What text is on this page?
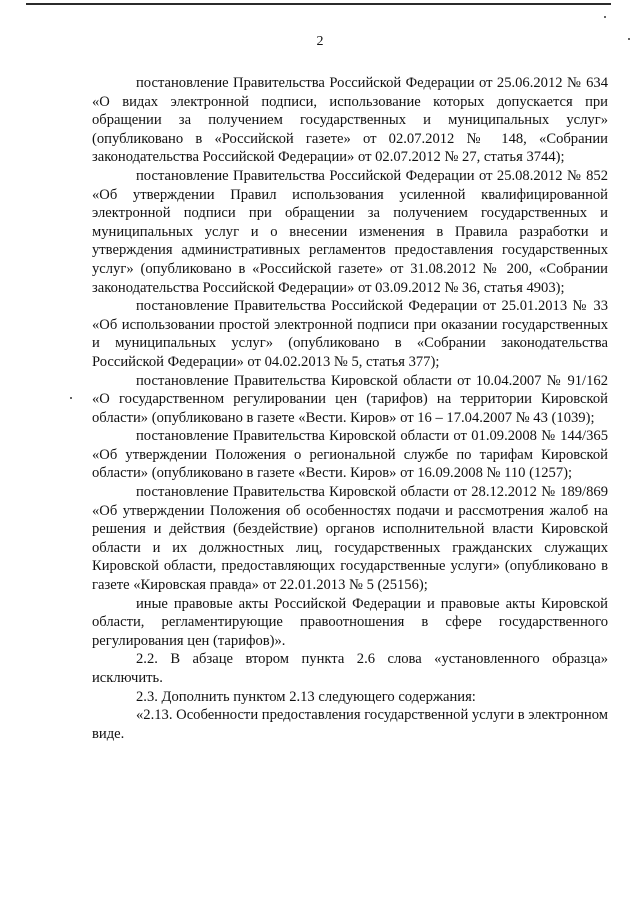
2

постановление Правительства Российской Федерации от 25.06.2012 № 634 «О видах электронной подписи, использование которых допускается при обращении за получением государственных и муниципальных услуг» (опубликовано в «Российской газете» от 02.07.2012 № 148, «Собрании законодательства Российской Федерации» от 02.07.2012 № 27, статья 3744);

постановление Правительства Российской Федерации от 25.08.2012 № 852 «Об утверждении Правил использования усиленной квалифицированной электронной подписи при обращении за получением государственных и муниципальных услуг и о внесении изменения в Правила разработки и утверждения административных регламентов предоставления государственных услуг» (опубликовано в «Российской газете» от 31.08.2012 № 200, «Собрании законодательства Российской Федерации» от 03.09.2012 № 36, статья 4903);

постановление Правительства Российской Федерации от 25.01.2013 № 33 «Об использовании простой электронной подписи при оказании государственных и муниципальных услуг» (опубликовано в «Собрании законодательства Российской Федерации» от 04.02.2013 № 5, статья 377);

постановление Правительства Кировской области от 10.04.2007 № 91/162 «О государственном регулировании цен (тарифов) на территории Кировской области» (опубликовано в газете «Вести. Киров» от 16 – 17.04.2007 № 43 (1039);

постановление Правительства Кировской области от 01.09.2008 № 144/365 «Об утверждении Положения о региональной службе по тарифам Кировской области» (опубликовано в газете «Вести. Киров» от 16.09.2008 № 110 (1257);

постановление Правительства Кировской области от 28.12.2012 № 189/869 «Об утверждении Положения об особенностях подачи и рассмотрения жалоб на решения и действия (бездействие) органов исполнительной власти Кировской области и их должностных лиц, государственных гражданских служащих Кировской области, предоставляющих государственные услуги» (опубликовано в газете «Кировская правда» от 22.01.2013 № 5 (25156);

иные правовые акты Российской Федерации и правовые акты Кировской области, регламентирующие правоотношения в сфере государственного регулирования цен (тарифов)».

2.2. В абзаце втором пункта 2.6 слова «установленного образца» исключить.

2.3. Дополнить пунктом 2.13 следующего содержания:

«2.13. Особенности предоставления государственной услуги в электронном виде.
